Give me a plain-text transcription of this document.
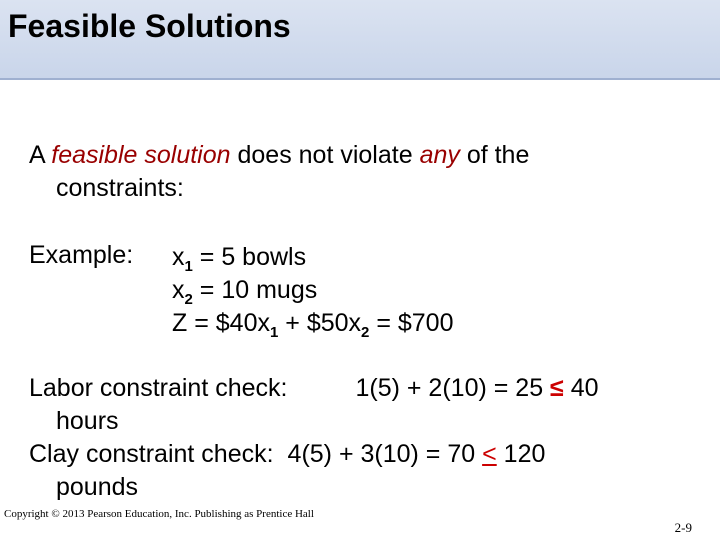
Feasible Solutions
A feasible solution does not violate any of the
constraints:
Example: $x_1 = 5$ bowls
$x_2 = 10$ mugs
$Z = \$40x_1$ + $\$50x_2$ = $700
Labor constraint check:	1(5) + 2(10) = 25 ≤ 40
hours
Clay constraint check: 4(5) + 3(10) = 70 < 120
pounds
Copyright © 2013 Pearson Education, Inc. Publishing as Prentice Hall
2-9
